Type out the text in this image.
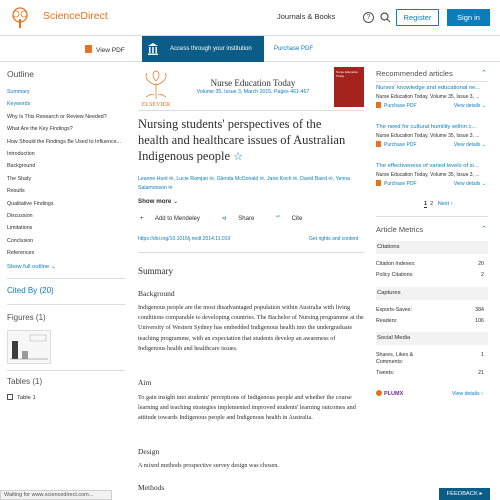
ScienceDirect	Journals & Books	?	Register	Sign in
View PDF	Access through your institution	Purchase PDF
Outline
Summary
Keywords
Why Is This Research or Review Needed?
What Are the Key Findings?
How Should the Findings Be Used to Influence...
Introduction
Background
The Study
Results
Qualitative Findings
Discussion
Limitations
Conclusion
References
Show full outline ⌄
Cited By (20)
Figures (1)
Tables (1)
Table 1
Waiting for www.sciencedirect.com...
ELSEVIER
Nurse Education Today
Volume 35, Issue 3, March 2015, Pages 461-467
Nurse Education Today
Nursing students' perspectives of the health and healthcare issues of Australian Indigenous people ☆
Leanne Hunt ✉, Lucie Ramjan ✉, Glenda McDonald ✉, Jane Koch ✉, David Baird ✉, Yenna Salamonson ✉
Show more ⌄
+ Add to Mendeley	⊲ Share	“” Cite
https://doi.org/10.1016/j.nedt.2014.11.019	Get rights and content
Summary
Background
Indigenous people are the most disadvantaged population within Australia with living conditions comparable to developing countries. The Bachelor of Nursing programme at the University of Western Sydney has embedded Indigenous health into the undergraduate teaching programme, with an expectation that students develop an awareness of Indigenous health and healthcare issues.
Aim
To gain insight into students' perceptions of Indigenous people and whether the course learning and teaching strategies implemented improved students' learning outcomes and attitude towards Indigenous people and Indigenous health in Australia.
Design
A mixed methods prospective survey design was chosen.
Methods
Recommended articles	⌃
Nurses' knowledge and educational ne...
Nurse Education Today, Volume 35, Issue 3, ...
Purchase PDF	View details ⌄
The need for cultural humility within c...
Nurse Education Today, Volume 35, Issue 3, ...
Purchase PDF	View details ⌄
The effectiveness of varied levels of si...
Nurse Education Today, Volume 35, Issue 3, ...
Purchase PDF	View details ⌄
1 2 Next ›
Article Metrics	⌃
Citations
Citation Indexes:	20
Policy Citations:	2
Captures
Exports-Saves:	384
Readers:	106
Social Media
Shares, Likes &	1
Comments:
Tweets:	21
PLUMX	View details ›
FEEDBACK ▸
